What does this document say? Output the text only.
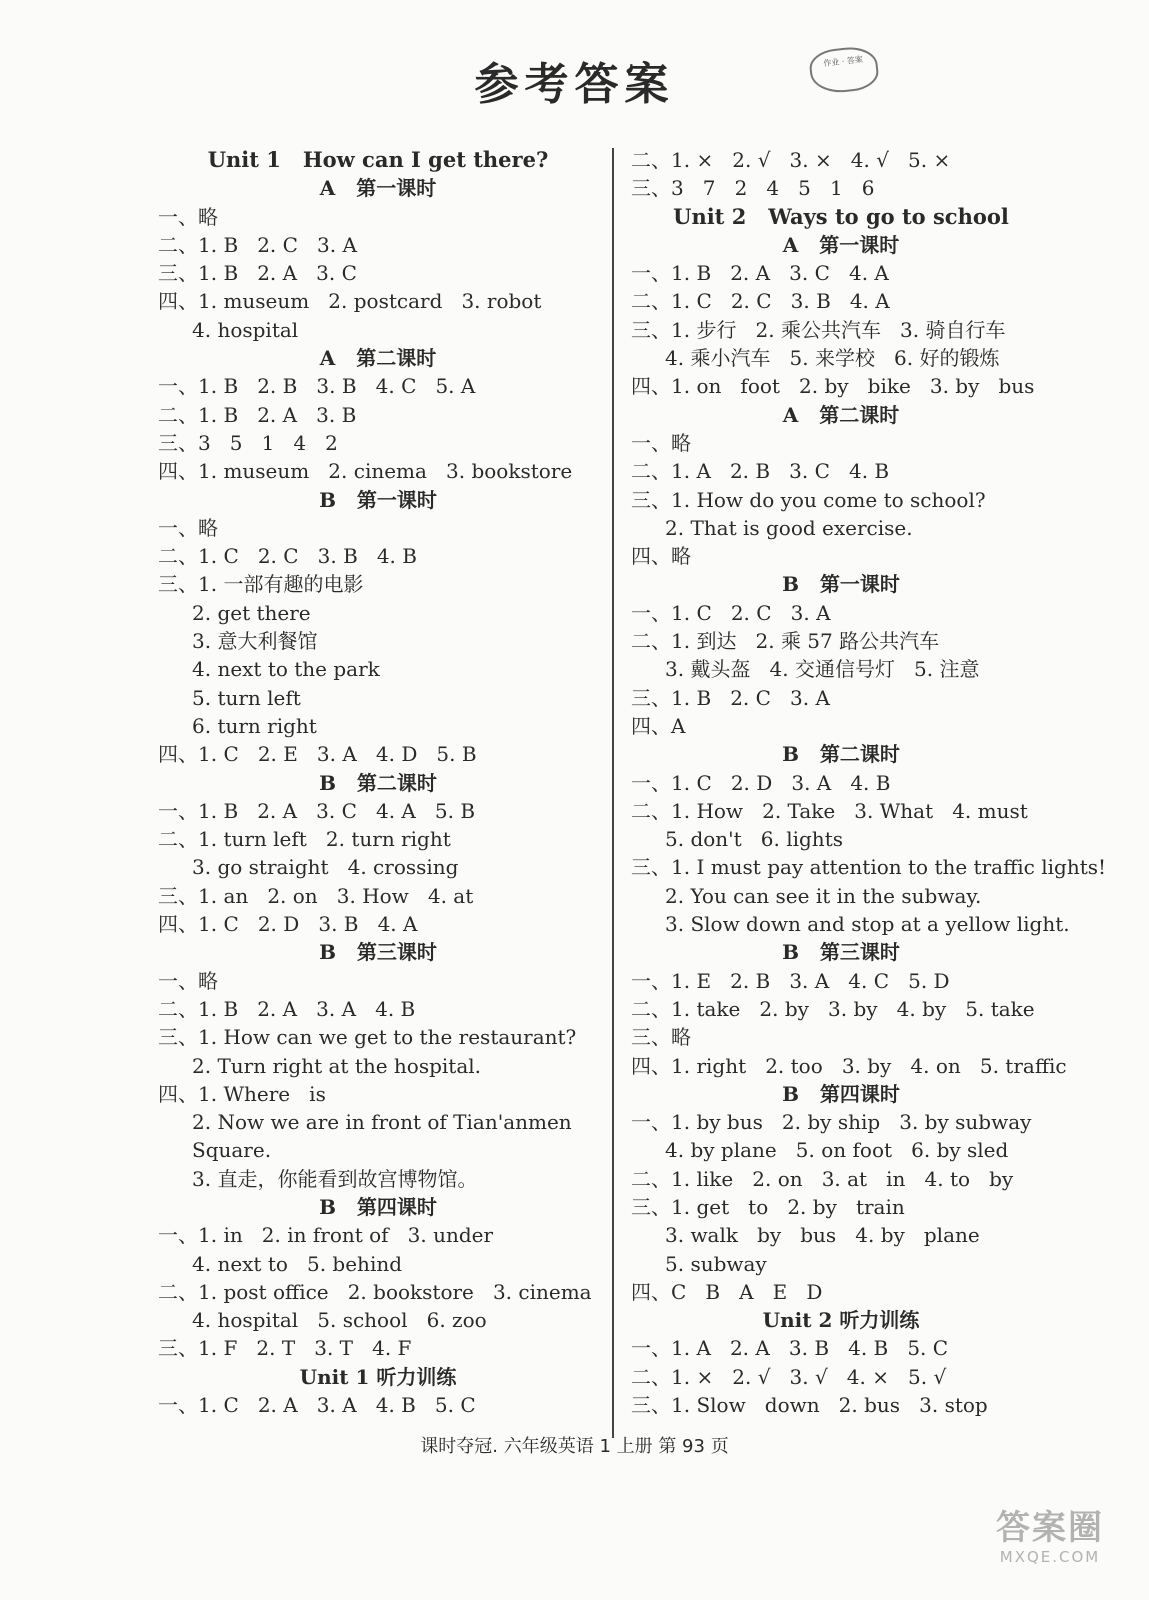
参考答案	作业 · 答案
Unit 1   How can I get there?
A   第一课时
一、略
二、1. B   2. C   3. A
三、1. B   2. A   3. C
四、1. museum   2. postcard   3. robot
4. hospital
A   第二课时
一、1. B   2. B   3. B   4. C   5. A
二、1. B   2. A   3. B
三、3   5   1   4   2
四、1. museum   2. cinema   3. bookstore
B   第一课时
一、略
二、1. C   2. C   3. B   4. B
三、1. 一部有趣的电影
2. get there
3. 意大利餐馆
4. next to the park
5. turn left
6. turn right
四、1. C   2. E   3. A   4. D   5. B
B   第二课时
一、1. B   2. A   3. C   4. A   5. B
二、1. turn left   2. turn right
3. go straight   4. crossing
三、1. an   2. on   3. How   4. at
四、1. C   2. D   3. B   4. A
B   第三课时
一、略
二、1. B   2. A   3. A   4. B
三、1. How can we get to the restaurant?
2. Turn right at the hospital.
四、1. Where   is
2. Now we are in front of Tian'anmen
Square.
3. 直走，你能看到故宫博物馆。
B   第四课时
一、1. in   2. in front of   3. under
4. next to   5. behind
二、1. post office   2. bookstore   3. cinema
4. hospital   5. school   6. zoo
三、1. F   2. T   3. T   4. F
Unit 1 听力训练
一、1. C   2. A   3. A   4. B   5. C
二、1. ×   2. √   3. ×   4. √   5. ×
三、3   7   2   4   5   1   6
Unit 2   Ways to go to school
A   第一课时
一、1. B   2. A   3. C   4. A
二、1. C   2. C   3. B   4. A
三、1. 步行   2. 乘公共汽车   3. 骑自行车
4. 乘小汽车   5. 来学校   6. 好的锻炼
四、1. on   foot   2. by   bike   3. by   bus
A   第二课时
一、略
二、1. A   2. B   3. C   4. B
三、1. How do you come to school?
2. That is good exercise.
四、略
B   第一课时
一、1. C   2. C   3. A
二、1. 到达   2. 乘 57 路公共汽车
3. 戴头盔   4. 交通信号灯   5. 注意
三、1. B   2. C   3. A
四、A
B   第二课时
一、1. C   2. D   3. A   4. B
二、1. How   2. Take   3. What   4. must
5. don't   6. lights
三、1. I must pay attention to the traffic lights!
2. You can see it in the subway.
3. Slow down and stop at a yellow light.
B   第三课时
一、1. E   2. B   3. A   4. C   5. D
二、1. take   2. by   3. by   4. by   5. take
三、略
四、1. right   2. too   3. by   4. on   5. traffic
B   第四课时
一、1. by bus   2. by ship   3. by subway
4. by plane   5. on foot   6. by sled
二、1. like   2. on   3. at   in   4. to   by
三、1. get   to   2. by   train
3. walk   by   bus   4. by   plane
5. subway
四、C   B   A   E   D
Unit 2 听力训练
一、1. A   2. A   3. B   4. B   5. C
二、1. ×   2. √   3. √   4. ×   5. √
三、1. Slow   down   2. bus   3. stop
课时夺冠. 六年级英语 1 上册 第 93 页
答案圈
MXQE.COM
